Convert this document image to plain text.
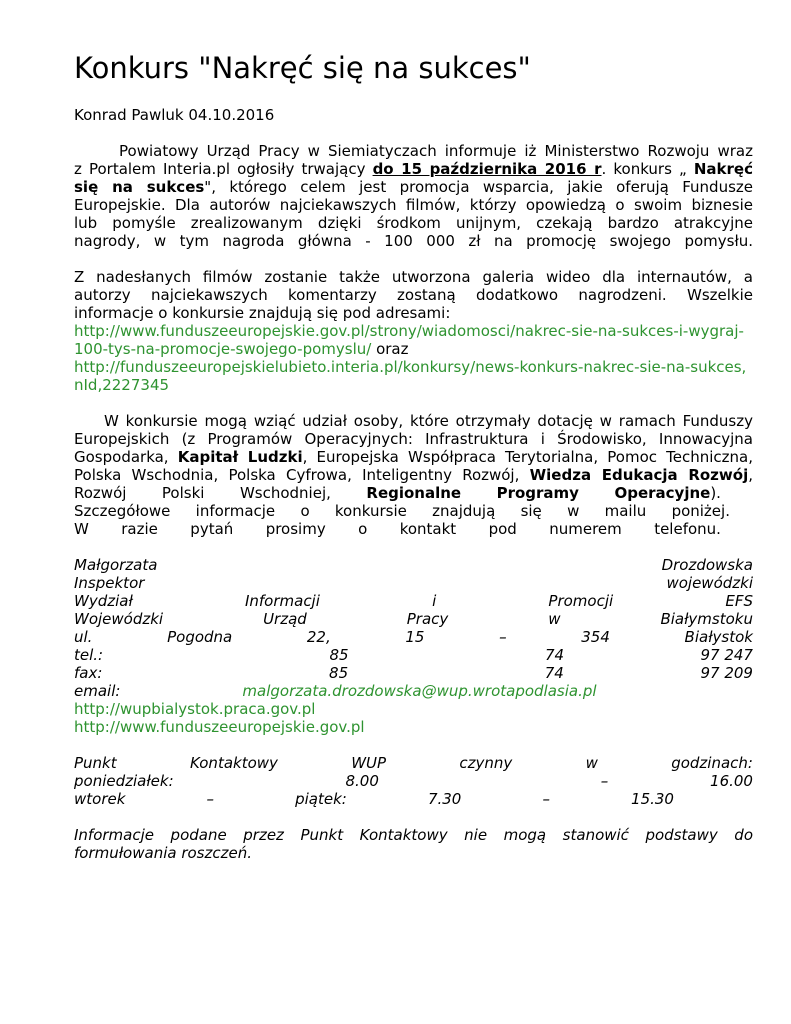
Konkurs "Nakręć się na sukces"

Konrad Pawluk 04.10.2016

Powiatowy Urząd Pracy w Siemiatyczach informuje iż Ministerstwo Rozwoju wraz

z Portalem Interia.pl ogłosiły trwający do 15 października 2016 r. konkurs „ Nakręć

się na sukces", którego celem jest promocja wsparcia, jakie oferują Fundusze

Europejskie. Dla autorów najciekawszych filmów, którzy opowiedzą o swoim biznesie

lub pomyśle zrealizowanym dzięki środkom unijnym, czekają bardzo atrakcyjne

nagrody, w tym nagroda główna - 100 000 zł na promocję swojego pomysłu.

Z nadesłanych filmów zostanie także utworzona galeria wideo dla internautów, a

autorzy najciekawszych komentarzy zostaną dodatkowo nagrodzeni. Wszelkie

informacje o konkursie znajdują się pod adresami:

http://www.funduszeeuropejskie.gov.pl/strony/wiadomosci/nakrec-sie-na-sukces-i-wygraj-100-tys-na-promocje-swojego-pomyslu/ oraz

http://funduszeeuropejskielubieto.interia.pl/konkursy/news-konkurs-nakrec-sie-na-sukces,nId,2227345

W konkursie mogą wziąć udział osoby, które otrzymały dotację w ramach Funduszy

Europejskich (z Programów Operacyjnych: Infrastruktura i Środowisko, Innowacyjna

Gospodarka, Kapitał Ludzki, Europejska Współpraca Terytorialna, Pomoc Techniczna,

Polska Wschodnia, Polska Cyfrowa, Inteligentny Rozwój, Wiedza Edukacja Rozwój,

Rozwój Polski Wschodniej, Regionalne Programy Operacyjne).

Szczegółowe informacje o konkursie znajdują się w mailu poniżej.

W razie pytań prosimy o kontakt pod numerem telefonu.

Małgorzata	Drozdowska
Inspektor	wojewódzki
Wydział	Informacji	i	Promocji	EFS
Wojewódzki	Urząd	Pracy	w	Białymstoku
ul.	Pogodna	22,	15	–	354	Białystok
tel.:	85	74	97 247
fax:	85	74	97 209
email:	malgorzata.drozdowska@wup.wrotapodlasia.pl

http://wupbialystok.praca.gov.pl

http://www.funduszeeuropejskie.gov.pl

Punkt	Kontaktowy	WUP	czynny	w	godzinach:
poniedziałek:	8.00	–	16.00
wtorek	–	piątek:	7.30	–	15.30

Informacje podane przez Punkt Kontaktowy nie mogą stanowić podstawy do

formułowania roszczeń.
